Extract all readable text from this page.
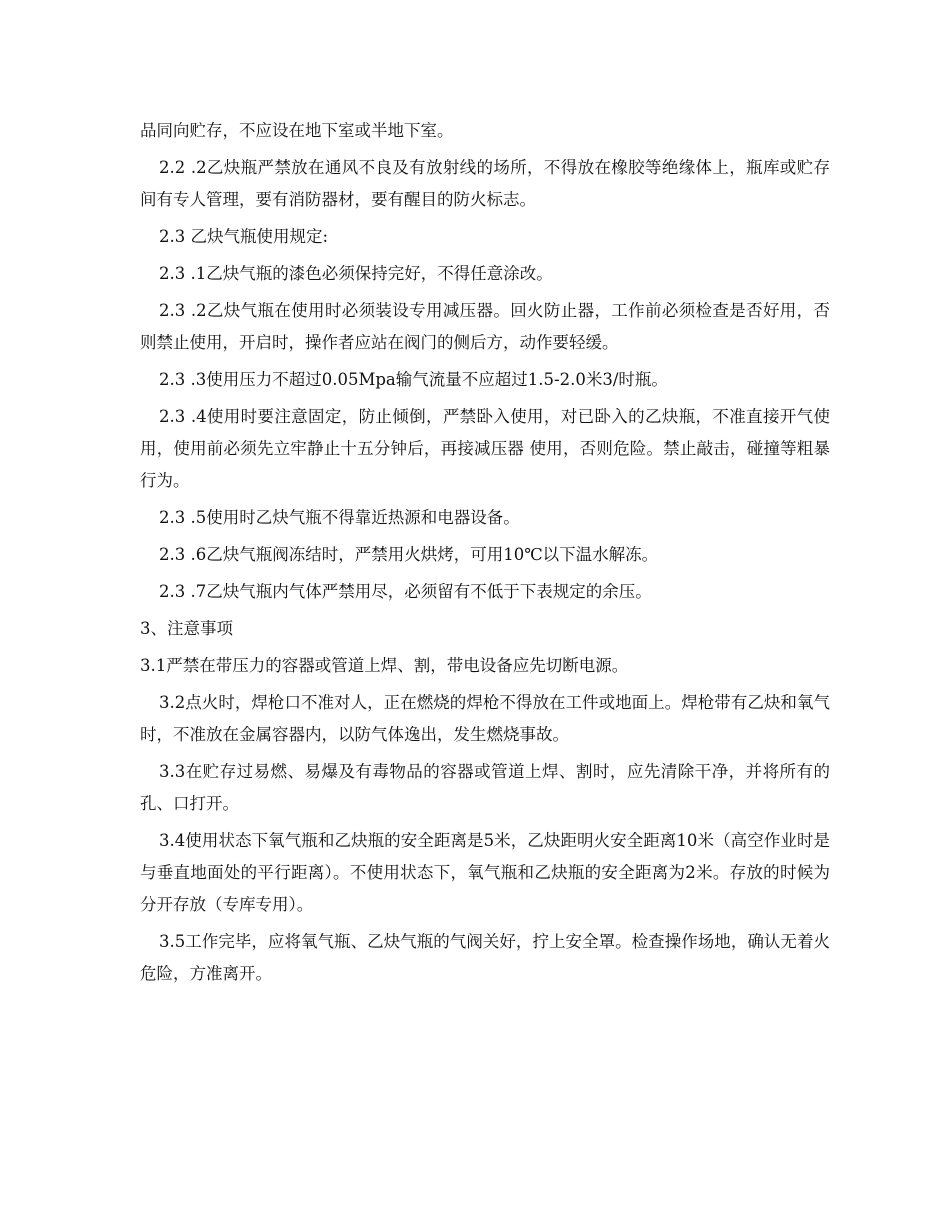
品同向贮存，不应设在地下室或半地下室。

2.2 .2乙炔瓶严禁放在通风不良及有放射线的场所，不得放在橡胶等绝缘体上，瓶库或贮存间有专人管理，要有消防器材，要有醒目的防火标志。

2.3 乙炔气瓶使用规定:

2.3 .1乙炔气瓶的漆色必须保持完好，不得任意涂改。

2.3 .2乙炔气瓶在使用时必须装设专用减压器。回火防止器，工作前必须检查是否好用，否则禁止使用，开启时，操作者应站在阀门的侧后方，动作要轻缓。

2.3 .3使用压力不超过0.05Mpa输气流量不应超过1.5-2.0米3/时瓶。

2.3 .4使用时要注意固定，防止倾倒，严禁卧入使用，对已卧入的乙炔瓶，不准直接开气使用，使用前必须先立牢静止十五分钟后，再接减压器 使用，否则危险。禁止敲击，碰撞等粗暴行为。

2.3 .5使用时乙炔气瓶不得靠近热源和电器设备。

2.3 .6乙炔气瓶阀冻结时，严禁用火烘烤，可用10℃以下温水解冻。

2.3 .7乙炔气瓶内气体严禁用尽，必须留有不低于下表规定的余压。

3、注意事项

3.1严禁在带压力的容器或管道上焊、割，带电设备应先切断电源。

3.2点火时，焊枪口不准对人，正在燃烧的焊枪不得放在工件或地面上。焊枪带有乙炔和氧气时，不准放在金属容器内，以防气体逸出，发生燃烧事故。

3.3在贮存过易燃、易爆及有毒物品的容器或管道上焊、割时，应先清除干净，并将所有的孔、口打开。

3.4使用状态下氧气瓶和乙炔瓶的安全距离是5米，乙炔距明火安全距离10米（高空作业时是与垂直地面处的平行距离）。不使用状态下，氧气瓶和乙炔瓶的安全距离为2米。存放的时候为分开存放（专库专用）。

3.5工作完毕，应将氧气瓶、乙炔气瓶的气阀关好，拧上安全罩。检查操作场地，确认无着火危险，方准离开。
